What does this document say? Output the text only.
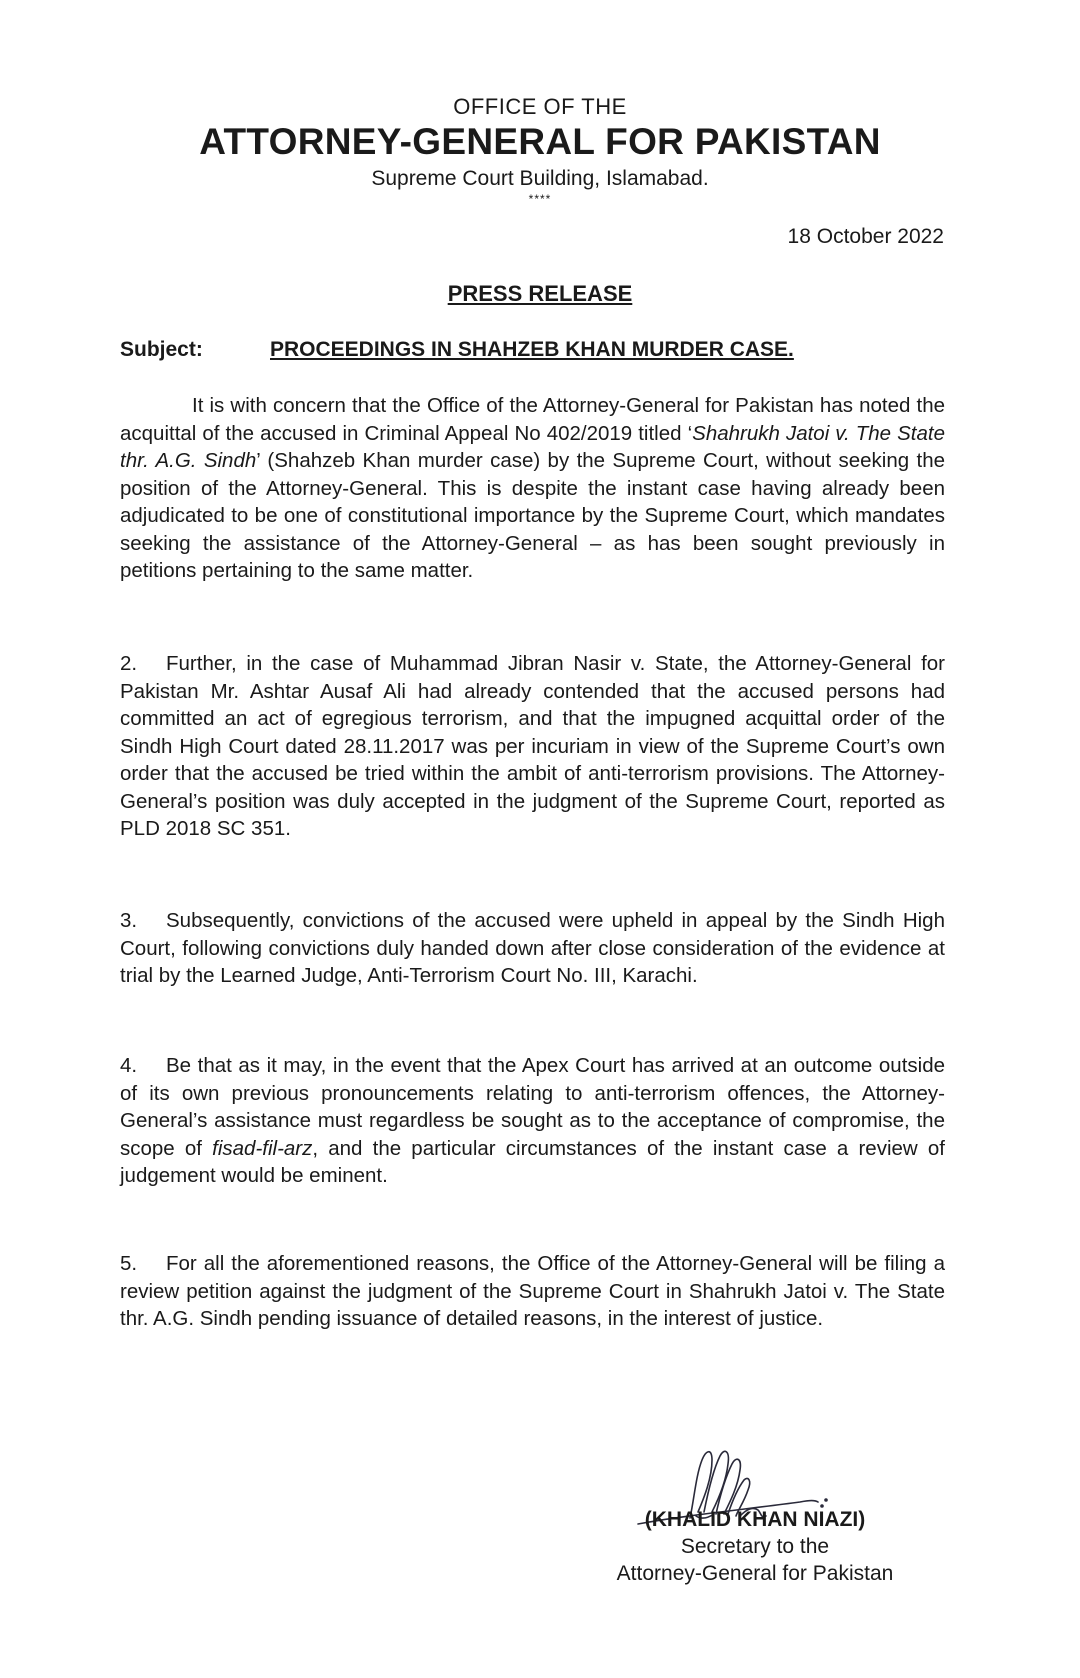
OFFICE OF THE
ATTORNEY-GENERAL FOR PAKISTAN
Supreme Court Building, Islamabad.
****
18 October 2022
PRESS RELEASE
Subject:	PROCEEDINGS IN SHAHZEB KHAN MURDER CASE.
It is with concern that the Office of the Attorney-General for Pakistan has noted the acquittal of the accused in Criminal Appeal No 402/2019 titled ‘Shahrukh Jatoi v. The State thr. A.G. Sindh’ (Shahzeb Khan murder case) by the Supreme Court, without seeking the position of the Attorney-General. This is despite the instant case having already been adjudicated to be one of constitutional importance by the Supreme Court, which mandates seeking the assistance of the Attorney-General – as has been sought previously in petitions pertaining to the same matter.
2. Further, in the case of Muhammad Jibran Nasir v. State, the Attorney-General for Pakistan Mr. Ashtar Ausaf Ali had already contended that the accused persons had committed an act of egregious terrorism, and that the impugned acquittal order of the Sindh High Court dated 28.11.2017 was per incuriam in view of the Supreme Court’s own order that the accused be tried within the ambit of anti-terrorism provisions. The Attorney-General’s position was duly accepted in the judgment of the Supreme Court, reported as PLD 2018 SC 351.
3. Subsequently, convictions of the accused were upheld in appeal by the Sindh High Court, following convictions duly handed down after close consideration of the evidence at trial by the Learned Judge, Anti-Terrorism Court No. III, Karachi.
4. Be that as it may, in the event that the Apex Court has arrived at an outcome outside of its own previous pronouncements relating to anti-terrorism offences, the Attorney-General’s assistance must regardless be sought as to the acceptance of compromise, the scope of fisad-fil-arz, and the particular circumstances of the instant case a review of judgement would be eminent.
5. For all the aforementioned reasons, the Office of the Attorney-General will be filing a review petition against the judgment of the Supreme Court in Shahrukh Jatoi v. The State thr. A.G. Sindh pending issuance of detailed reasons, in the interest of justice.
(KHALID KHAN NIAZI)
Secretary to the
Attorney-General for Pakistan
